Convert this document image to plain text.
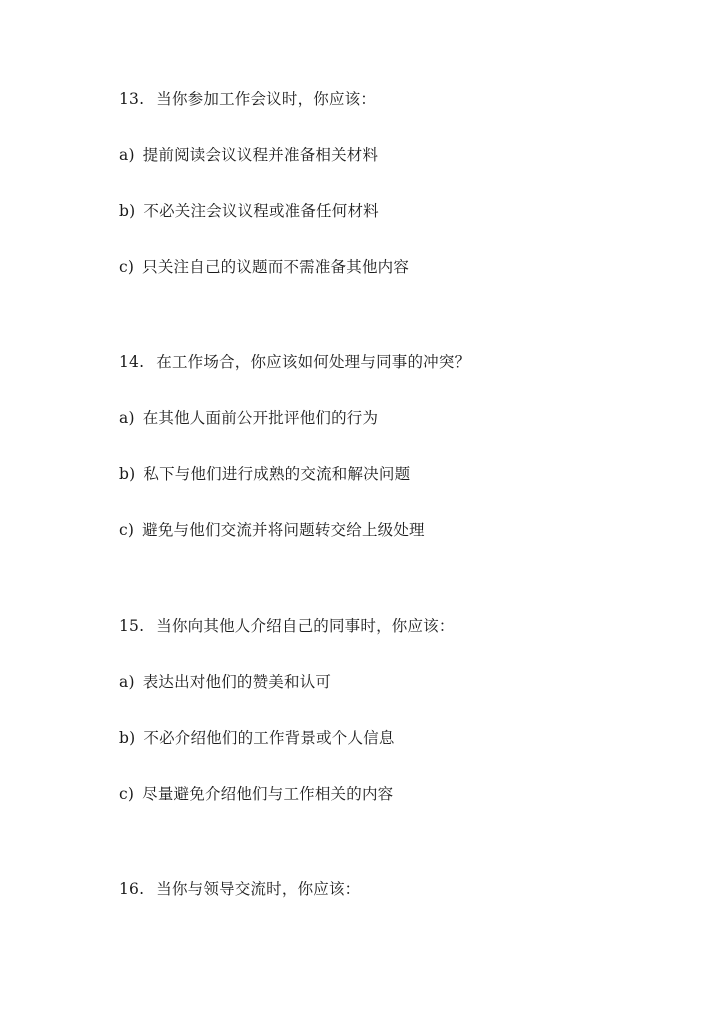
13. 当你参加工作会议时，你应该：
a) 提前阅读会议议程并准备相关材料
b) 不必关注会议议程或准备任何材料
c) 只关注自己的议题而不需准备其他内容
14. 在工作场合，你应该如何处理与同事的冲突？
a) 在其他人面前公开批评他们的行为
b) 私下与他们进行成熟的交流和解决问题
c) 避免与他们交流并将问题转交给上级处理
15. 当你向其他人介绍自己的同事时，你应该：
a) 表达出对他们的赞美和认可
b) 不必介绍他们的工作背景或个人信息
c) 尽量避免介绍他们与工作相关的内容
16. 当你与领导交流时，你应该：
